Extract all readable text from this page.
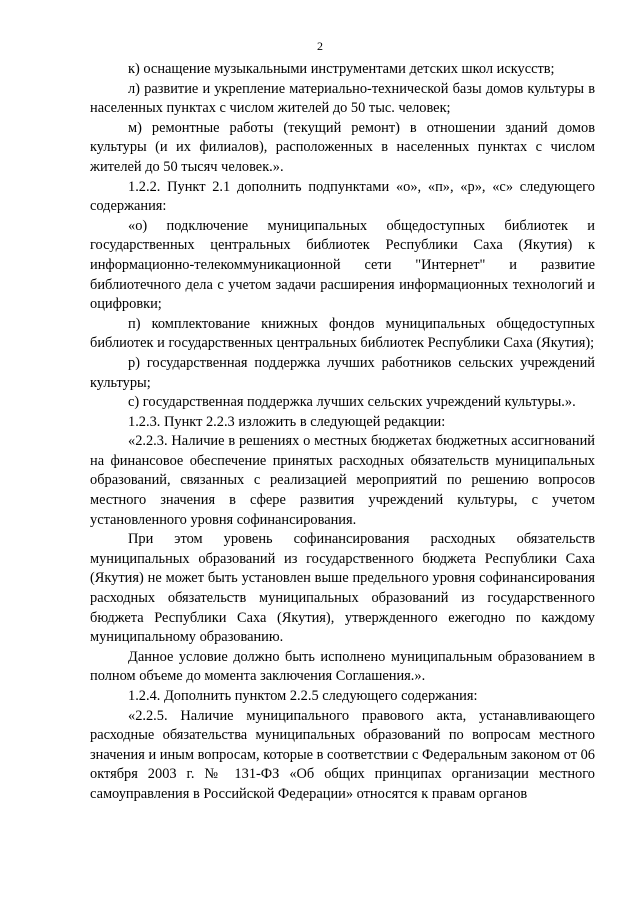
2

к) оснащение музыкальными инструментами детских школ искусств;

л) развитие и укрепление материально-технической базы домов культуры в населенных пунктах с числом жителей до 50 тыс. человек;

м) ремонтные работы (текущий ремонт) в отношении зданий домов культуры (и их филиалов), расположенных в населенных пунктах с числом жителей до 50 тысяч человек.».

1.2.2. Пункт 2.1 дополнить подпунктами «о», «п», «р», «с» следующего содержания:

«о) подключение муниципальных общедоступных библиотек и государственных центральных библиотек Республики Саха (Якутия) к информационно-телекоммуникационной сети "Интернет" и развитие библиотечного дела с учетом задачи расширения информационных технологий и оцифровки;

п) комплектование книжных фондов муниципальных общедоступных библиотек и государственных центральных библиотек Республики Саха (Якутия);

р) государственная поддержка лучших работников сельских учреждений культуры;

с) государственная поддержка лучших сельских учреждений культуры.».

1.2.3. Пункт 2.2.3 изложить в следующей редакции:

«2.2.3. Наличие в решениях о местных бюджетах бюджетных ассигнований на финансовое обеспечение принятых расходных обязательств муниципальных образований, связанных с реализацией мероприятий по решению вопросов местного значения в сфере развития учреждений культуры, с учетом установленного уровня софинансирования.

При этом уровень софинансирования расходных обязательств муниципальных образований из государственного бюджета Республики Саха (Якутия) не может быть установлен выше предельного уровня софинансирования расходных обязательств муниципальных образований из государственного бюджета Республики Саха (Якутия), утвержденного ежегодно по каждому муниципальному образованию.

Данное условие должно быть исполнено муниципальным образованием в полном объеме до момента заключения Соглашения.».

1.2.4. Дополнить пунктом 2.2.5 следующего содержания:

«2.2.5. Наличие муниципального правового акта, устанавливающего расходные обязательства муниципальных образований по вопросам местного значения и иным вопросам, которые в соответствии с Федеральным законом от 06 октября 2003 г. № 131-ФЗ «Об общих принципах организации местного самоуправления в Российской Федерации» относятся к правам органов
